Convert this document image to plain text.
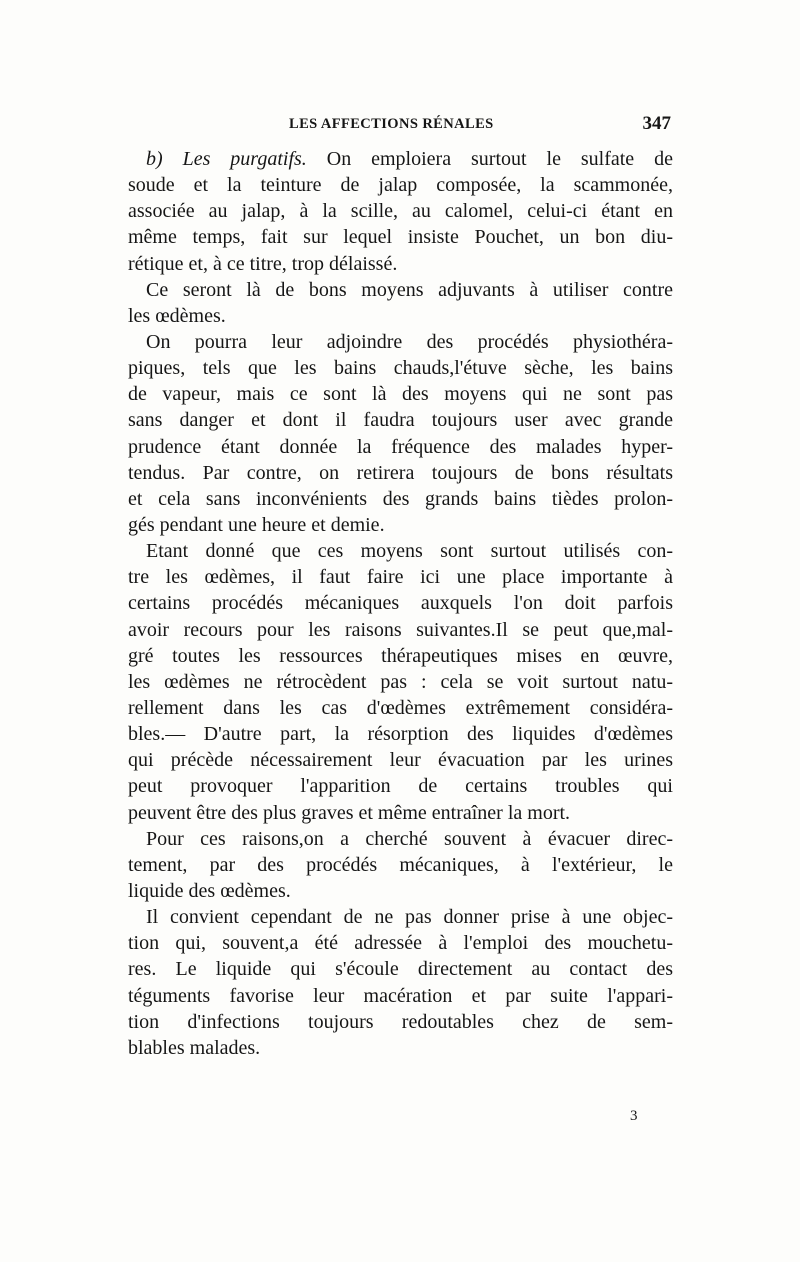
LES AFFECTIONS RÉNALES	347
b) Les purgatifs. On emploiera surtout le sulfate de
soude et la teinture de jalap composée, la scammonée,
associée au jalap, à la scille, au calomel, celui-ci étant en
même temps, fait sur lequel insiste Pouchet, un bon diu-
rétique et, à ce titre, trop délaissé.
Ce seront là de bons moyens adjuvants à utiliser contre
les œdèmes.
On pourra leur adjoindre des procédés physiothéra-
piques, tels que les bains chauds,l'étuve sèche, les bains
de vapeur, mais ce sont là des moyens qui ne sont pas
sans danger et dont il faudra toujours user avec grande
prudence étant donnée la fréquence des malades hyper-
tendus. Par contre, on retirera toujours de bons résultats
et cela sans inconvénients des grands bains tièdes prolon-
gés pendant une heure et demie.
Etant donné que ces moyens sont surtout utilisés con-
tre les œdèmes, il faut faire ici une place importante à
certains procédés mécaniques auxquels l'on doit parfois
avoir recours pour les raisons suivantes.Il se peut que,mal-
gré toutes les ressources thérapeutiques mises en œuvre,
les œdèmes ne rétrocèdent pas : cela se voit surtout natu-
rellement dans les cas d'œdèmes extrêmement considéra-
bles.— D'autre part, la résorption des liquides d'œdèmes
qui précède nécessairement leur évacuation par les urines
peut provoquer l'apparition de certains troubles qui
peuvent être des plus graves et même entraîner la mort.
Pour ces raisons,on a cherché souvent à évacuer direc-
tement, par des procédés mécaniques, à l'extérieur, le
liquide des œdèmes.
Il convient cependant de ne pas donner prise à une objec-
tion qui, souvent,a été adressée à l'emploi des mouchetu-
res. Le liquide qui s'écoule directement au contact des
téguments favorise leur macération et par suite l'appari-
tion d'infections toujours redoutables chez de sem-
blables malades.
3
